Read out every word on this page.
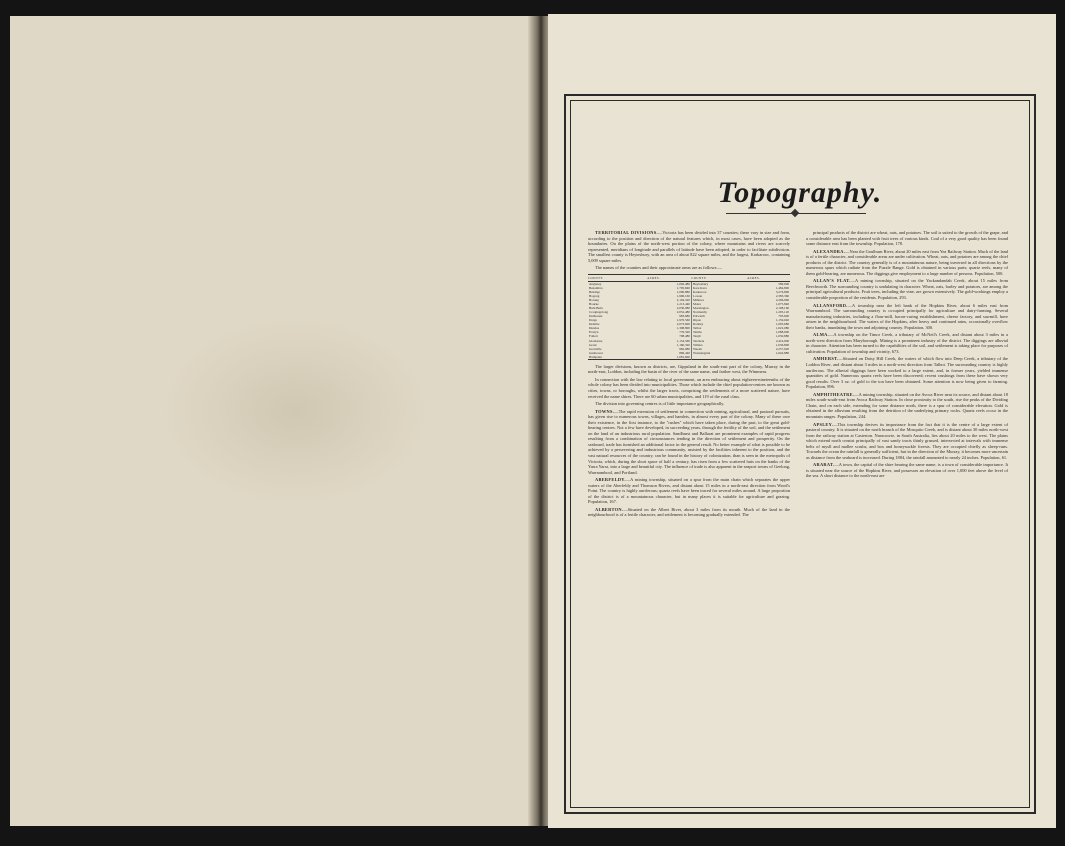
Topography.

TERRITORIAL DIVISIONS.—Victoria has been divided into 37 counties; these vary in size and form, according to the position and direction of the natural features which, in most cases, have been adopted as the boundaries. On the plains of the north-west portion of the colony, where mountains and rivers are scarcely represented, meridians of longitude and parallels of latitude have been adopted, in order to facilitate subdivision. The smallest county is Heytesbury, with an area of about 822 square miles, and the largest, Karkarooc, containing 5,009 square miles.

The names of the counties and their approximate areas are as follows:—

COUNTY.	ACRES.	COUNTY.	ACRES.
Anglesey	1,092,480	Heytesbury	580,000
Benambra	1,795,840	Kara Kara	1,484,800
Bendigo	1,090,880	Karkarooc	3,276,800
Bogong	1,996,160	Lowan	2,383,360
Borung	2,104,320	Millewa	2,296,960
Bourke	1,213,440	Moira	1,075,840
Buln Buln	2,030,080	Mornington	2,108,160
Croajingolong	2,052,480	Normanby	1,205,120
Dalhousie	983,680	Polwarth	793,600
Dargo	1,970,560	Ripon	1,159,040
Delatite	2,073,600	Rodney	1,095,680
Dundas	1,308,800	Talbot	1,022,080
Evelyn	776,320	Tambo	1,088,000
Follett	708,480	Tanjil	1,050,880
Gladstone	1,154,560	Tatchera	2,416,000
Grant	1,160,320	Villiers	1,036,800
Grenville	982,080	Weeah	2,257,920
Gunbower	869,440	Wonnangatta	1,642,880
Hampden	1,081,600		

The larger divisions, known as districts, are, Gippsland in the south-east part of the colony, Murray in the north-east, Loddon, including the basin of the river of the same name, and farther west, the Wimmera.

In connection with the law relating to local government, an area embracing about eighteen-nineteenths of the whole colony has been divided into municipalities. Those which include the chief population-centres are known as cities, towns, or boroughs, whilst the larger tracts, comprising the settlements of a more scattered nature, have received the name shires. There are 60 urban municipalities, and 119 of the rural class.

The division into governing centres is of little importance geographically.

TOWNS.—The rapid extension of settlement in connection with mining, agricultural, and pastoral pursuits, has given rise to numerous towns, villages, and hamlets, in almost every part of the colony. Many of these owe their existence, in the first instance, to the "rushes" which have taken place, during the past, to the great gold-bearing centres. Not a few have developed, in succeeding years, through the fertility of the soil, and the settlement on the land of an industrious rural population. Sandhurst and Ballarat are prominent examples of rapid progress resulting from a combination of circumstances tending in the direction of settlement and prosperity. On the seaboard, trade has furnished an additional factor in the general result. No better example of what is possible to be achieved by a persevering and industrious community, assisted by the facilities inherent to the position, and the vast natural resources of the country, can be found in the history of colonization, than is seen in the metropolis of Victoria, which, during the short space of half a century, has risen from a few scattered huts on the banks of the Yarra Yarra, into a large and beautiful city. The influence of trade is also apparent in the seaport towns of Geelong, Warrnambool, and Portland.

ABERFELDY.—A mining township, situated on a spur from the main chain which separates the upper waters of the Aberfeldy and Thomson Rivers, and distant about 15 miles in a north-east direction from Wood's Point. The country is highly auriferous; quartz reefs have been traced for several miles around. A large proportion of the district is of a mountainous character, but in many places it is suitable for agriculture and grazing. Population, 167.

ALBERTON.—Situated on the Albert River, about 3 miles from its mouth. Much of the land in the neighbourhood is of a fertile character, and settlement is becoming gradually extended. The

principal products of the district are wheat, oats, and potatoes. The soil is suited to the growth of the grape, and a considerable area has been planted with fruit trees of various kinds. Coal of a very good quality has been found some distance east from the township. Population, 178.

ALEXANDRA.—Near the Goulburn River, about 20 miles east from Yea Railway Station. Much of the land is of a fertile character, and considerable areas are under cultivation. Wheat, oats, and potatoes are among the chief products of the district. The country generally is of a mountainous nature, being traversed in all directions by the numerous spurs which radiate from the Puzzle Range. Gold is obtained in various parts; quartz reefs, many of them gold-bearing, are numerous. The diggings give employment to a large number of persons. Population, 500.

ALLAN'S FLAT.—A mining township, situated on the Yackandandah Creek, about 15 miles from Beechworth. The surrounding country is undulating in character. Wheat, oats, barley and potatoes, are among the principal agricultural products. Fruit trees, including the vine, are grown extensively. The gold-workings employ a considerable proportion of the residents. Population, 293.

ALLANSFORD.—A township near the left bank of the Hopkins River, about 6 miles east from Warrnambool. The surrounding country is occupied principally for agriculture and dairy-farming. Several manufacturing industries, including a flour-mill, bacon-curing establishment, cheese factory, and sawmill, have arisen in the neighbourhood. The waters of the Hopkins, after heavy and continued rains, occasionally overflow their banks, inundating the town and adjoining country. Population, 300.

ALMA.—A township on the Timor Creek, a tributary of McNeil's Creek, and distant about 3 miles in a north-west direction from Maryborough. Mining is a prominent industry of the district. The diggings are alluvial in character. Attention has been turned to the capabilities of the soil, and settlement is taking place for purposes of cultivation. Population of township and vicinity, 673.

AMHERST.—Situated on Daisy Hill Creek, the waters of which flow into Deep Creek, a tributary of the Loddon River, and distant about 3 miles in a north-west direction from Talbot. The surrounding country is highly auriferous. The alluvial diggings have been worked to a large extent, and, in former years, yielded immense quantities of gold. Numerous quartz reefs have been discovered; recent crushings from these have shown very good results. Over 3 oz. of gold to the ton have been obtained. Some attention is now being given to farming. Population, 896.

AMPHITHEATRE.—A mining township, situated on the Avoca River near its source, and distant about 18 miles south-south-east from Avoca Railway Station. In close proximity to the south, rise the peaks of the Dividing Chain, and on each side, extending for some distance north, there is a spur of considerable elevation. Gold is obtained in the alluvium resulting from the detrition of the underlying primary rocks. Quartz reefs occur in the mountain ranges. Population, 244.

APSLEY.—This township derives its importance from the fact that it is the centre of a large extent of pastoral country. It is situated on the north branch of the Mosquito Creek, and is distant about 30 miles north-west from the railway station at Casterton. Naracoorte, in South Australia, lies about 20 miles to the west. The plains which extend north consist principally of vast sandy tracts thinly grassed, intersected at intervals with immense belts of mysll and mallee scrubs, and box and honeysuckle forests. They are occupied chiefly as sheep-runs. Towards the ocean the rainfall is generally sufficient, but in the direction of the Murray, it becomes more uncertain as distance from the seaboard is increased. During 1884, the rainfall amounted to nearly 24 inches. Population, 61.

ARARAT.—A town, the capital of the shire bearing the same name, is a town of considerable importance. It is situated near the source of the Hopkins River, and possesses an elevation of over 1,000 feet above the level of the sea. A short distance to the north-east are
